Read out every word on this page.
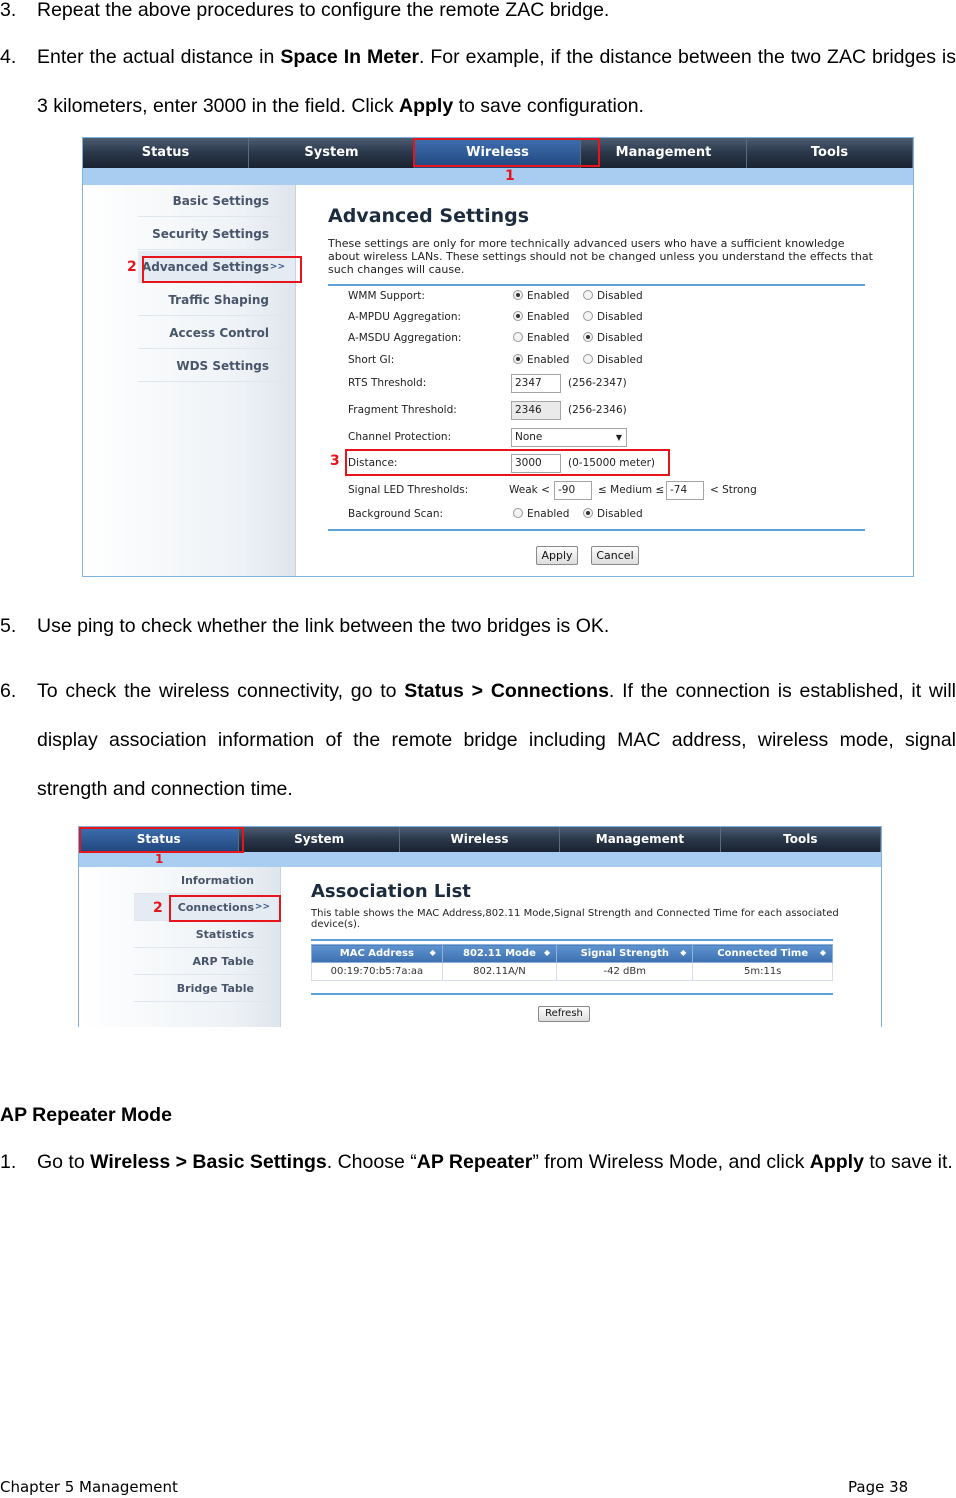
3. Repeat the above procedures to configure the remote ZAC bridge.
4. Enter the actual distance in Space In Meter. For example, if the distance between the two ZAC bridges is 3 kilometers, enter 3000 in the field. Click Apply to save configuration.
Status	System	Wireless	Management	Tools
Basic Settings
Security Settings
Advanced Settings >>
Traffic Shaping
Access Control
WDS Settings
Advanced Settings
These settings are only for more technically advanced users who have a sufficient knowledge about wireless LANs. These settings should not be changed unless you understand the effects that such changes will cause.
WMM Support:	Enabled	Disabled
A-MPDU Aggregation:	Enabled	Disabled
A-MSDU Aggregation:	Enabled	Disabled
Short GI:	Enabled	Disabled
RTS Threshold:	2347	(256-2347)
Fragment Threshold:	2346	(256-2346)
Channel Protection:	None	▼
Distance:	3000	(0-15000 meter)
Signal LED Thresholds:	Weak < -90	≤ Medium ≤ -74	< Strong
Background Scan:	Enabled	Disabled
Apply	Cancel
1
2
3
5. Use ping to check whether the link between the two bridges is OK.
6. To check the wireless connectivity, go to Status > Connections. If the connection is established, it will display association information of the remote bridge including MAC address, wireless mode, signal strength and connection time.
Status	System	Wireless	Management	Tools
Information
Connections >>
Statistics
ARP Table
Bridge Table
Association List
This table shows the MAC Address,802.11 Mode,Signal Strength and Connected Time for each associated device(s).
MAC Address ◆	802.11 Mode ◆	Signal Strength ◆	Connected Time ◆

00:19:70:b5:7a:aa	802.11A/N	-42 dBm	5m:11s
Refresh
1
2
AP Repeater Mode
1. Go to Wireless > Basic Settings. Choose “AP Repeater” from Wireless Mode, and click Apply to save it.
Chapter 5 Management	Page 38
